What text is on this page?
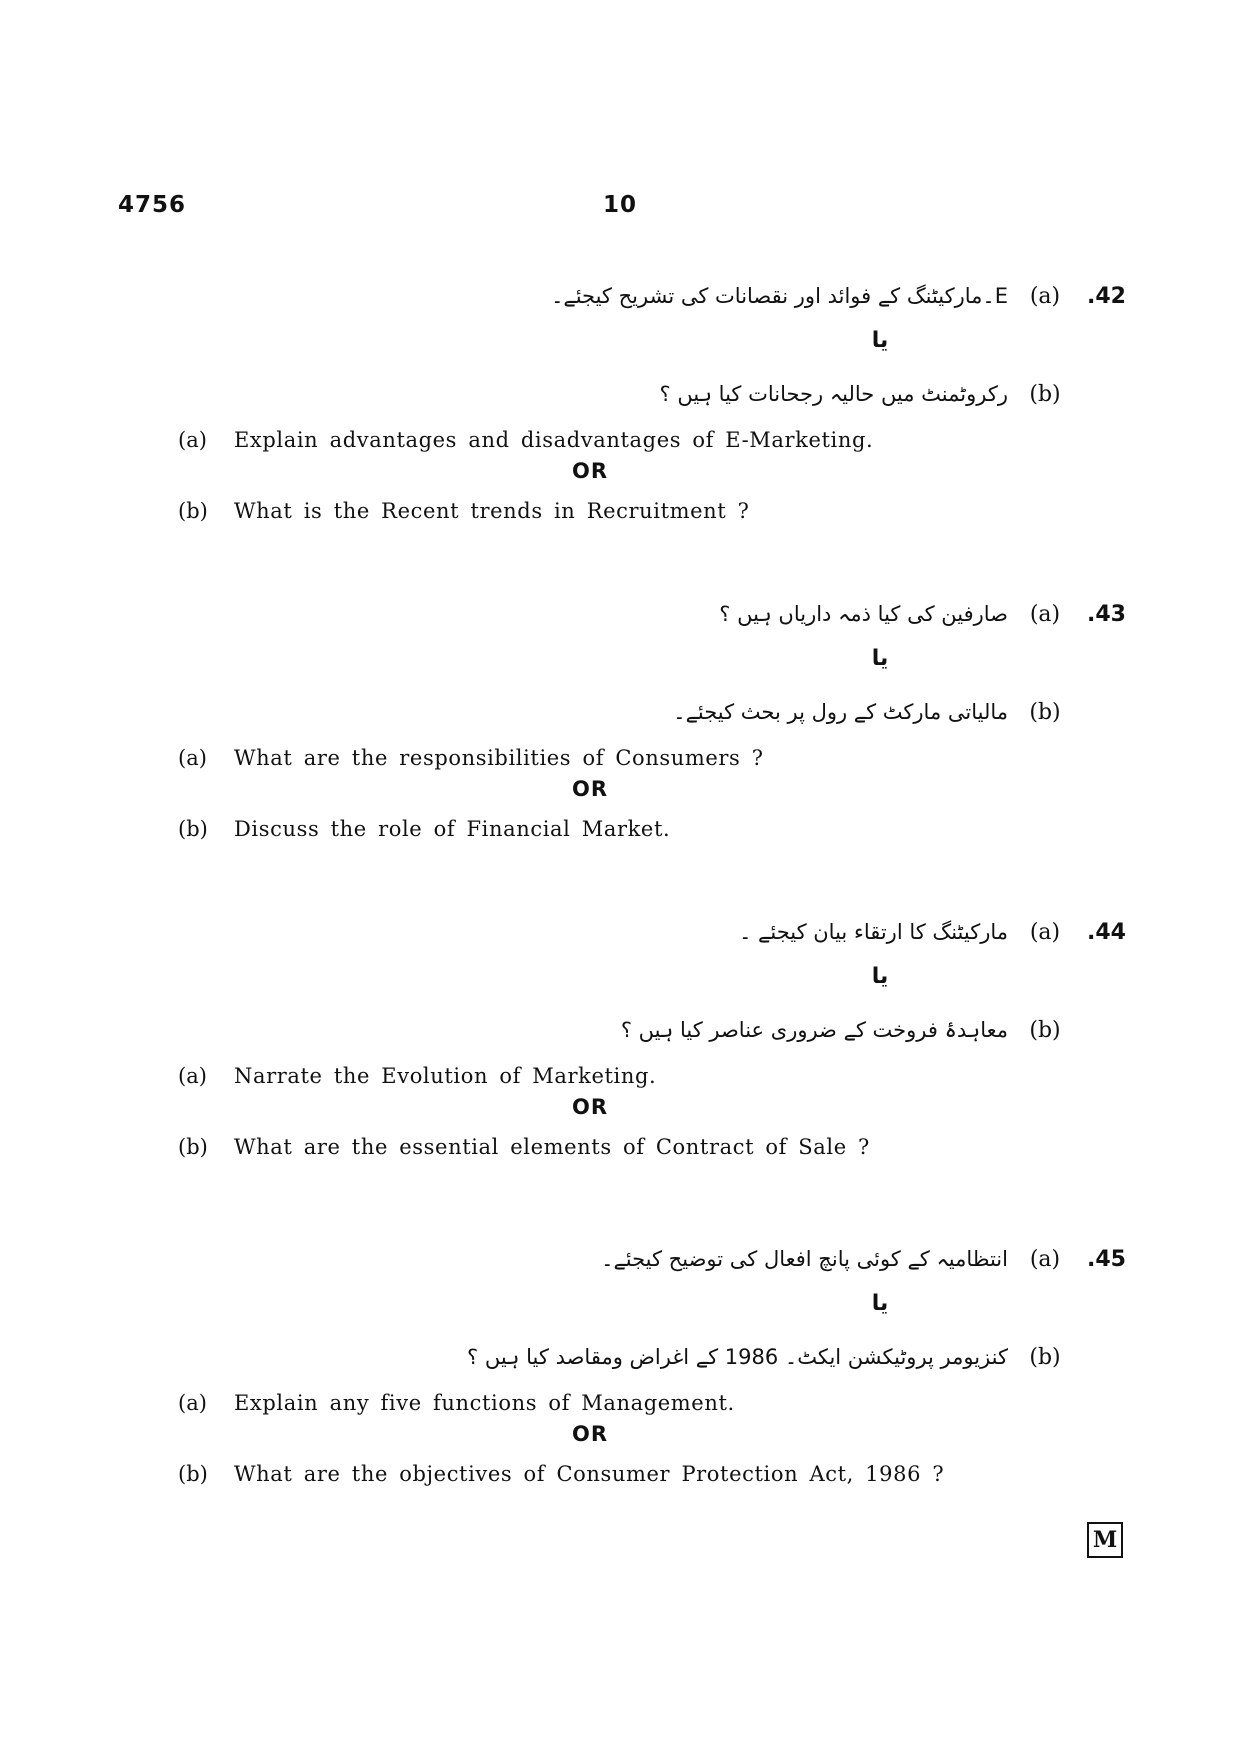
4756	10
E۔مارکیٹنگ کے فوائد اور نقصانات کی تشریح کیجئے۔ (a)	.42
یا
رکروٹمنٹ میں حالیہ رجحانات کیا ہیں ؟ (b)
(a)	Explain advantages and disadvantages of E-Marketing.
OR
(b)	What is the Recent trends in Recruitment ?
صارفین کی کیا ذمہ داریاں ہیں ؟ (a)	.43
یا
مالیاتی مارکٹ کے رول پر بحث کیجئے۔ (b)
(a)	What are the responsibilities of Consumers ?
OR
(b)	Discuss the role of Financial Market.
مارکیٹنگ کا ارتقاء بیان کیجئے ۔ (a)	.44
یا
معاہدۂ فروخت کے ضروری عناصر کیا ہیں ؟ (b)
(a)	Narrate the Evolution of Marketing.
OR
(b)	What are the essential elements of Contract of Sale ?
انتظامیہ کے کوئی پانچ افعال کی توضیح کیجئے۔ (a)	.45
یا
کنزیومر پروٹیکشن ایکٹ۔ 1986 کے اغراض ومقاصد کیا ہیں ؟ (b)
(a)	Explain any five functions of Management.
OR
(b)	What are the objectives of Consumer Protection Act, 1986 ?
M
